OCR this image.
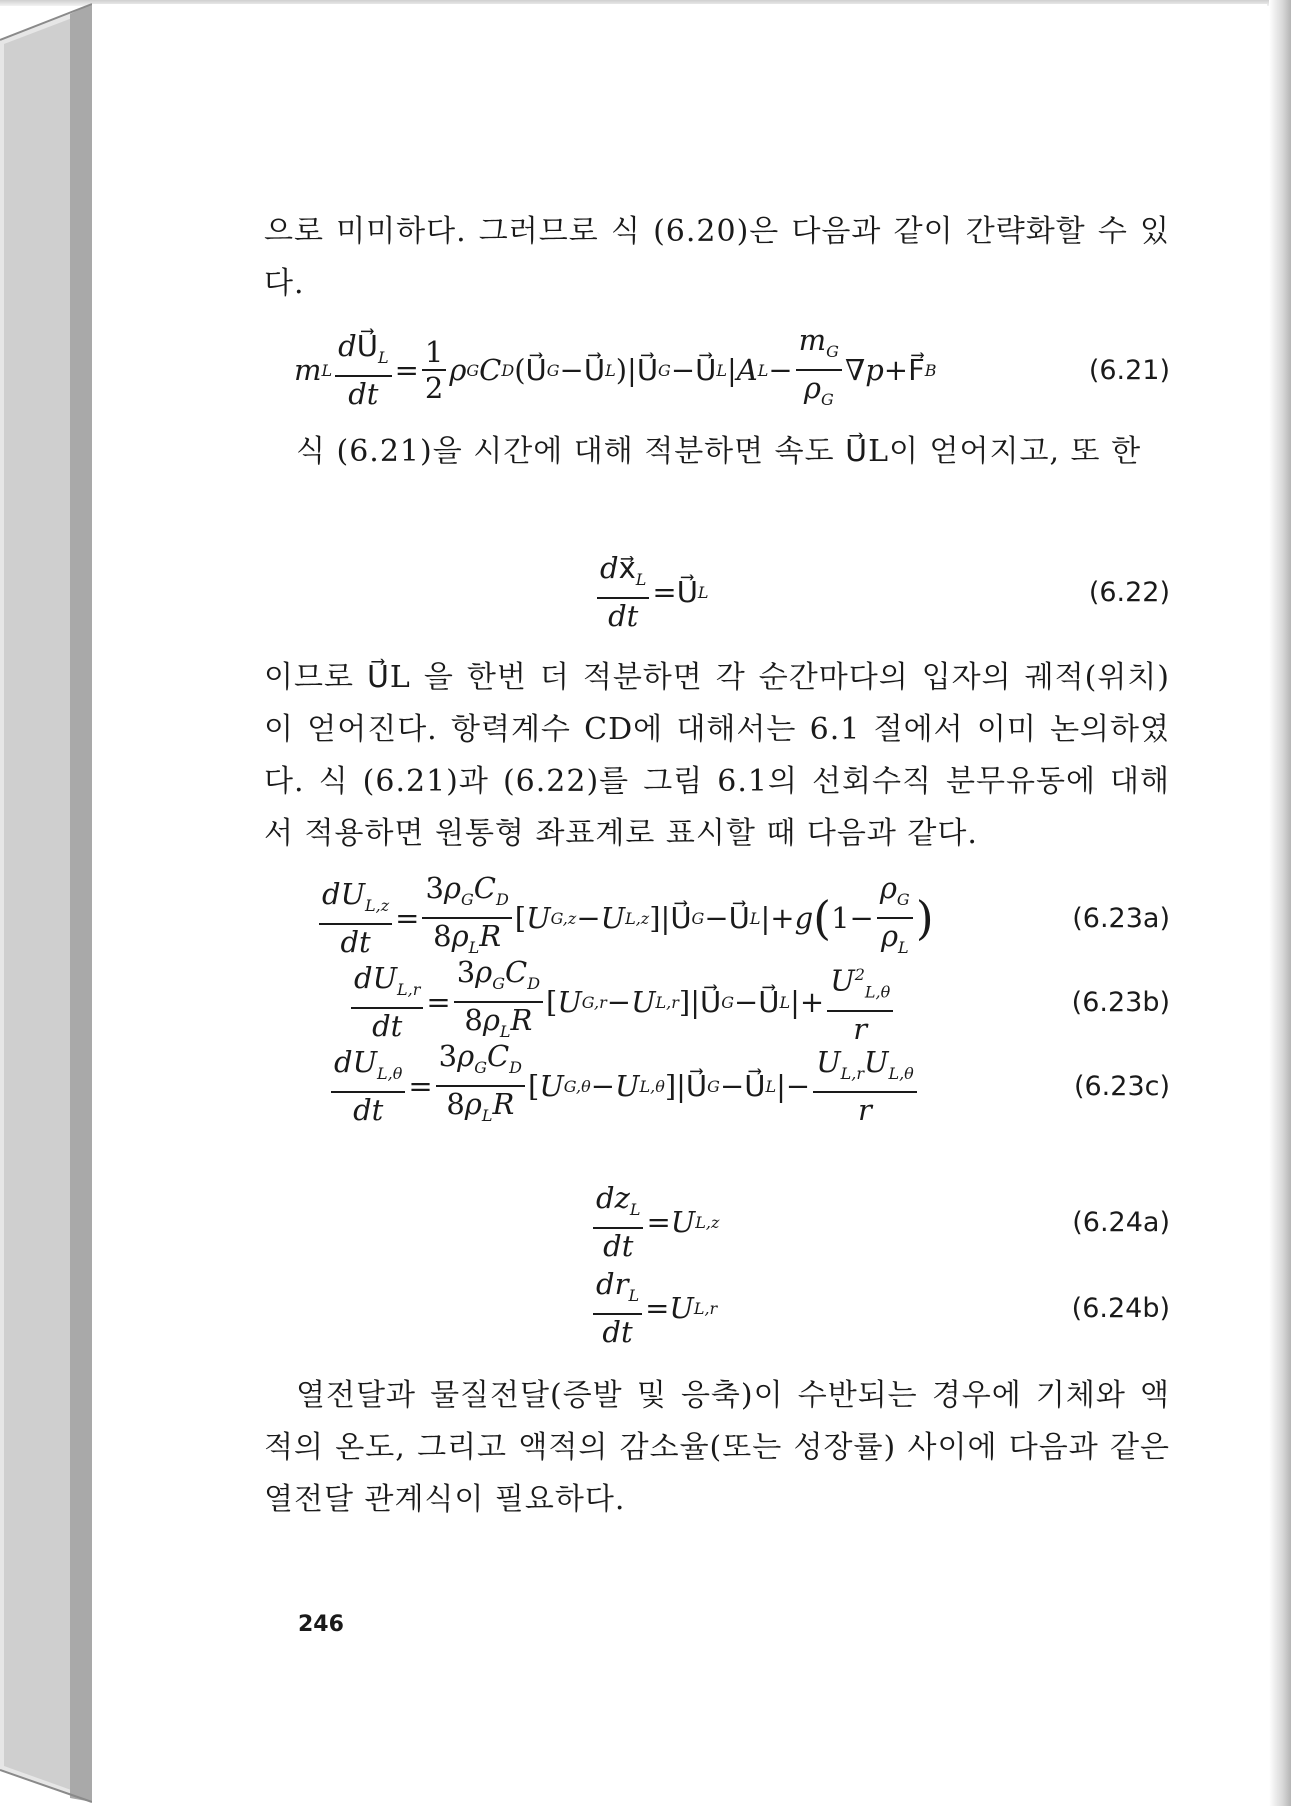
으로 미미하다. 그러므로 식 (6.20)은 다음과 같이 간략화할 수 있다.
m L $\frac{dU⃗_L}{dt} = \frac{1}{2}$ ρ G C D ( U⃗ G − U⃗ L )| U⃗ G − U⃗ L | A $L - \frac{m_G}{\rho_G}$ ∇ p + F⃗ B	(6.21)
식 (6.21)을 시간에 대해 적분하면 속도 U⃗L이 얻어지고, 또 한
$\frac{dx⃗_L}{dt}$ = U⃗ L	(6.22)
이므로 U⃗L 을 한번 더 적분하면 각 순간마다의 입자의 궤적(위치)이 얻어진다. 항력계수 CD에 대해서는 6.1 절에서 이미 논의하였다. 식 (6.21)과 (6.22)를 그림 6.1의 선회수직 분무유동에 대해서 적용하면 원통형 좌표계로 표시할 때 다음과 같다.
$\frac{dU_{L,z}}{dt} = \frac{3\rho_GC_D}{8\rho_LR}$ [ U G,z − U L,z ]| U⃗ G − U⃗ L |+ g ( $1- \frac{\rho_G}{\rho_L}$ )	(6.23a)
$\frac{dU_{L,r}}{dt} = \frac{3\rho_GC_D}{8\rho_LR}$ [ U G,r − U L,r ]| U⃗ G − U⃗ L |+ $\frac{U^2_{L,\theta}}{r}$	(6.23b)
$\frac{dU_{L,\theta}}{dt} = \frac{3\rho_GC_D}{8\rho_LR}$ [ U G,θ − U L,θ ]| U⃗ G − U⃗ L |− $\frac{U_{L,r}U_{L,\theta}}{r}$	(6.23c)
$\frac{dz_L}{dt} = U$ L,z	(6.24a)
$\frac{dr_L}{dt} = U$ L,r	(6.24b)
열전달과 물질전달(증발 및 응축)이 수반되는 경우에 기체와 액적의 온도, 그리고 액적의 감소율(또는 성장률) 사이에 다음과 같은 열전달 관계식이 필요하다.
246
